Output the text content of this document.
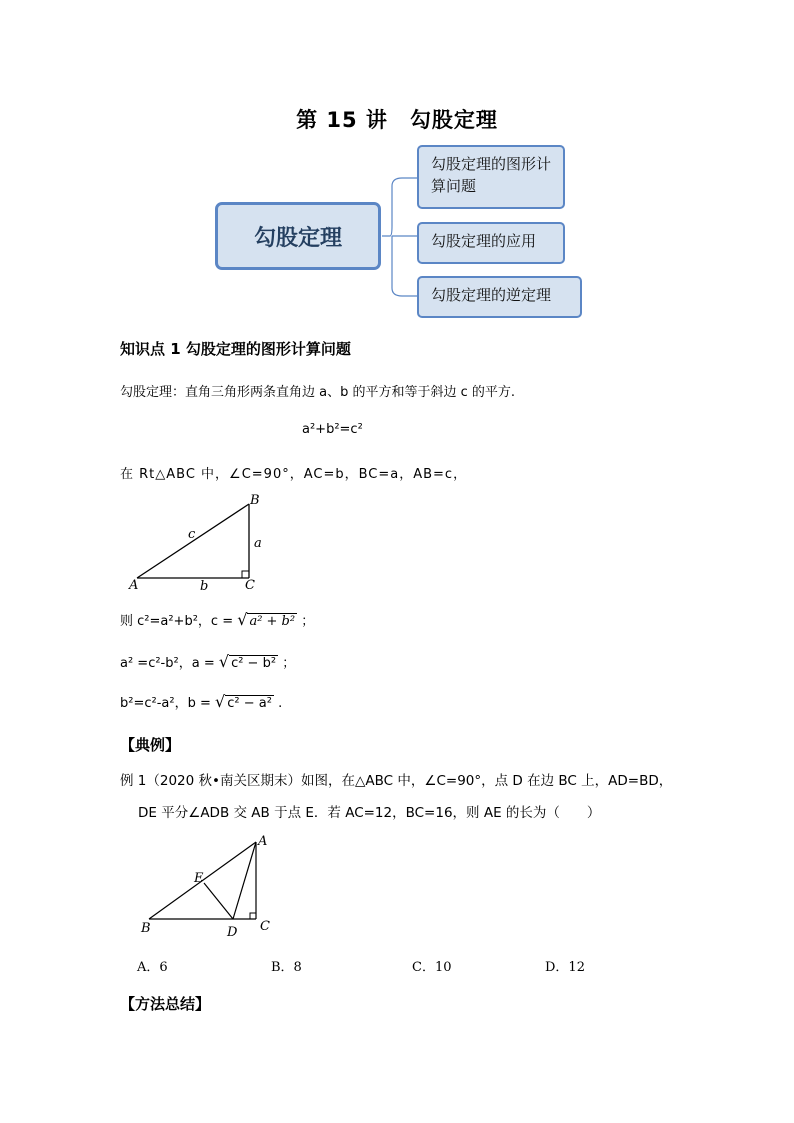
第 15 讲　勾股定理
勾股定理
勾股定理的图形计算问题
勾股定理的应用
勾股定理的逆定理
知识点 1 勾股定理的图形计算问题
勾股定理：直角三角形两条直角边 a、b 的平方和等于斜边 c 的平方.
a²+b²=c²
在 Rt△ABC 中，∠C=90°，AC=b，BC=a，AB=c，
A
B
C
a
b
c
则 c²=a²+b²，c = √ a² + b² ；
a² =c²-b²，a = √ c² − b² ；
b²=c²-a²，b = √ c² − a² .
【典例】
例 1（2020 秋•南关区期末）如图，在△ABC 中，∠C=90°，点 D 在边 BC 上，AD=BD，
DE 平分∠ADB 交 AB 于点 E．若 AC=12，BC=16，则 AE 的长为（　　）
A
B	C
D
E
A．6	B．8	C．10	D．12
【方法总结】
